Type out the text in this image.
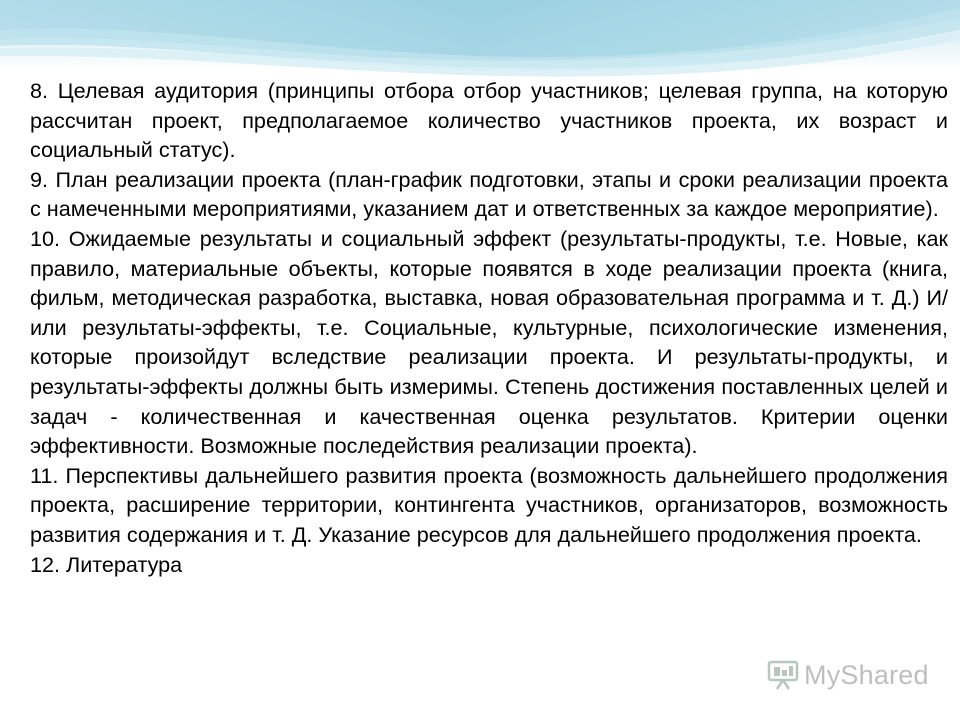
8. Целевая аудитория (принципы отбора отбор участников; целевая группа, на которую рассчитан проект, предполагаемое количество участников проекта, их возраст и социальный статус).

9. План реализации проекта (план-график подготовки, этапы и сроки реализации проекта с намеченными мероприятиями, указанием дат и ответственных за каждое мероприятие).

10. Ожидаемые результаты и социальный эффект (результаты-продукты, т.е. Новые, как правило, материальные объекты, которые появятся в ходе реализации проекта (книга, фильм, методическая разработка, выставка, новая образовательная программа и т. Д.) И/или результаты-эффекты, т.е. Социальные, культурные, психологические изменения, которые произойдут вследствие реализации проекта. И результаты-продукты, и результаты-эффекты должны быть измеримы. Степень достижения поставленных целей и задач - количественная и качественная оценка результатов. Критерии оценки эффективности. Возможные последействия реализации проекта).

11. Перспективы дальнейшего развития проекта (возможность дальнейшего продолжения проекта, расширение территории, контингента участников, организаторов, возможность развития содержания и т. Д. Указание ресурсов для дальнейшего продолжения проекта.

12. Литература

MyShared
